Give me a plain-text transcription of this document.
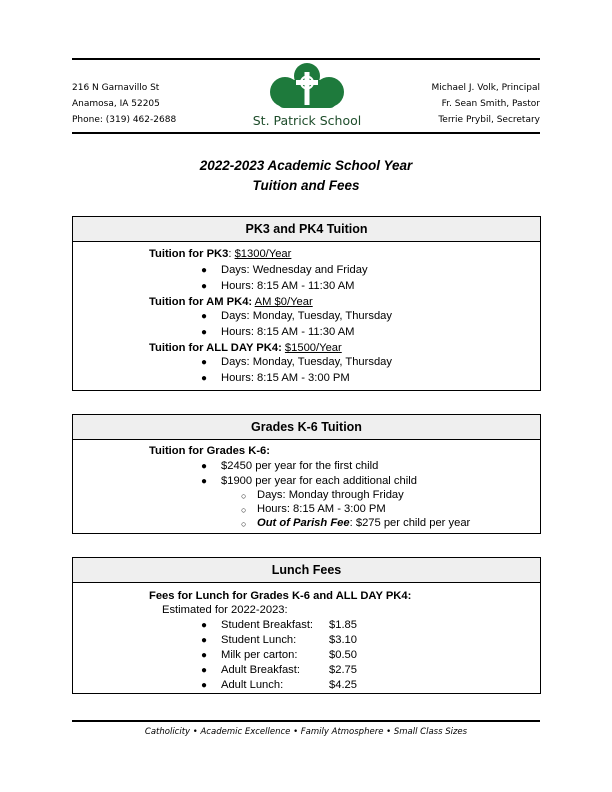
216 N Garnavillo St
Anamosa, IA 52205
Phone: (319) 462-2688	St. Patrick School
Michael J. Volk, Principal
Fr. Sean Smith, Pastor
Terrie Prybil, Secretary
2022-2023 Academic School Year
Tuition and Fees
PK3 and PK4 Tuition
Tuition for PK3: $1300/Year
● Days: Wednesday and Friday
● Hours: 8:15 AM - 11:30 AM
Tuition for AM PK4: AM $0/Year
● Days: Monday, Tuesday, Thursday
● Hours: 8:15 AM - 11:30 AM
Tuition for ALL DAY PK4: $1500/Year
● Days: Monday, Tuesday, Thursday
● Hours: 8:15 AM - 3:00 PM
Grades K-6 Tuition
Tuition for Grades K-6:
● $2450 per year for the first child
● $1900 per year for each additional child
○ Days: Monday through Friday
○ Hours: 8:15 AM - 3:00 PM
○ Out of Parish Fee: $275 per child per year
Lunch Fees
Fees for Lunch for Grades K-6 and ALL DAY PK4:
Estimated for 2022-2023:
● Student Breakfast: $1.85
● Student Lunch:	$3.10
● Milk per carton:	$0.50
● Adult Breakfast:	$2.75
● Adult Lunch:	$4.25
Catholicity • Academic Excellence • Family Atmosphere • Small Class Sizes
